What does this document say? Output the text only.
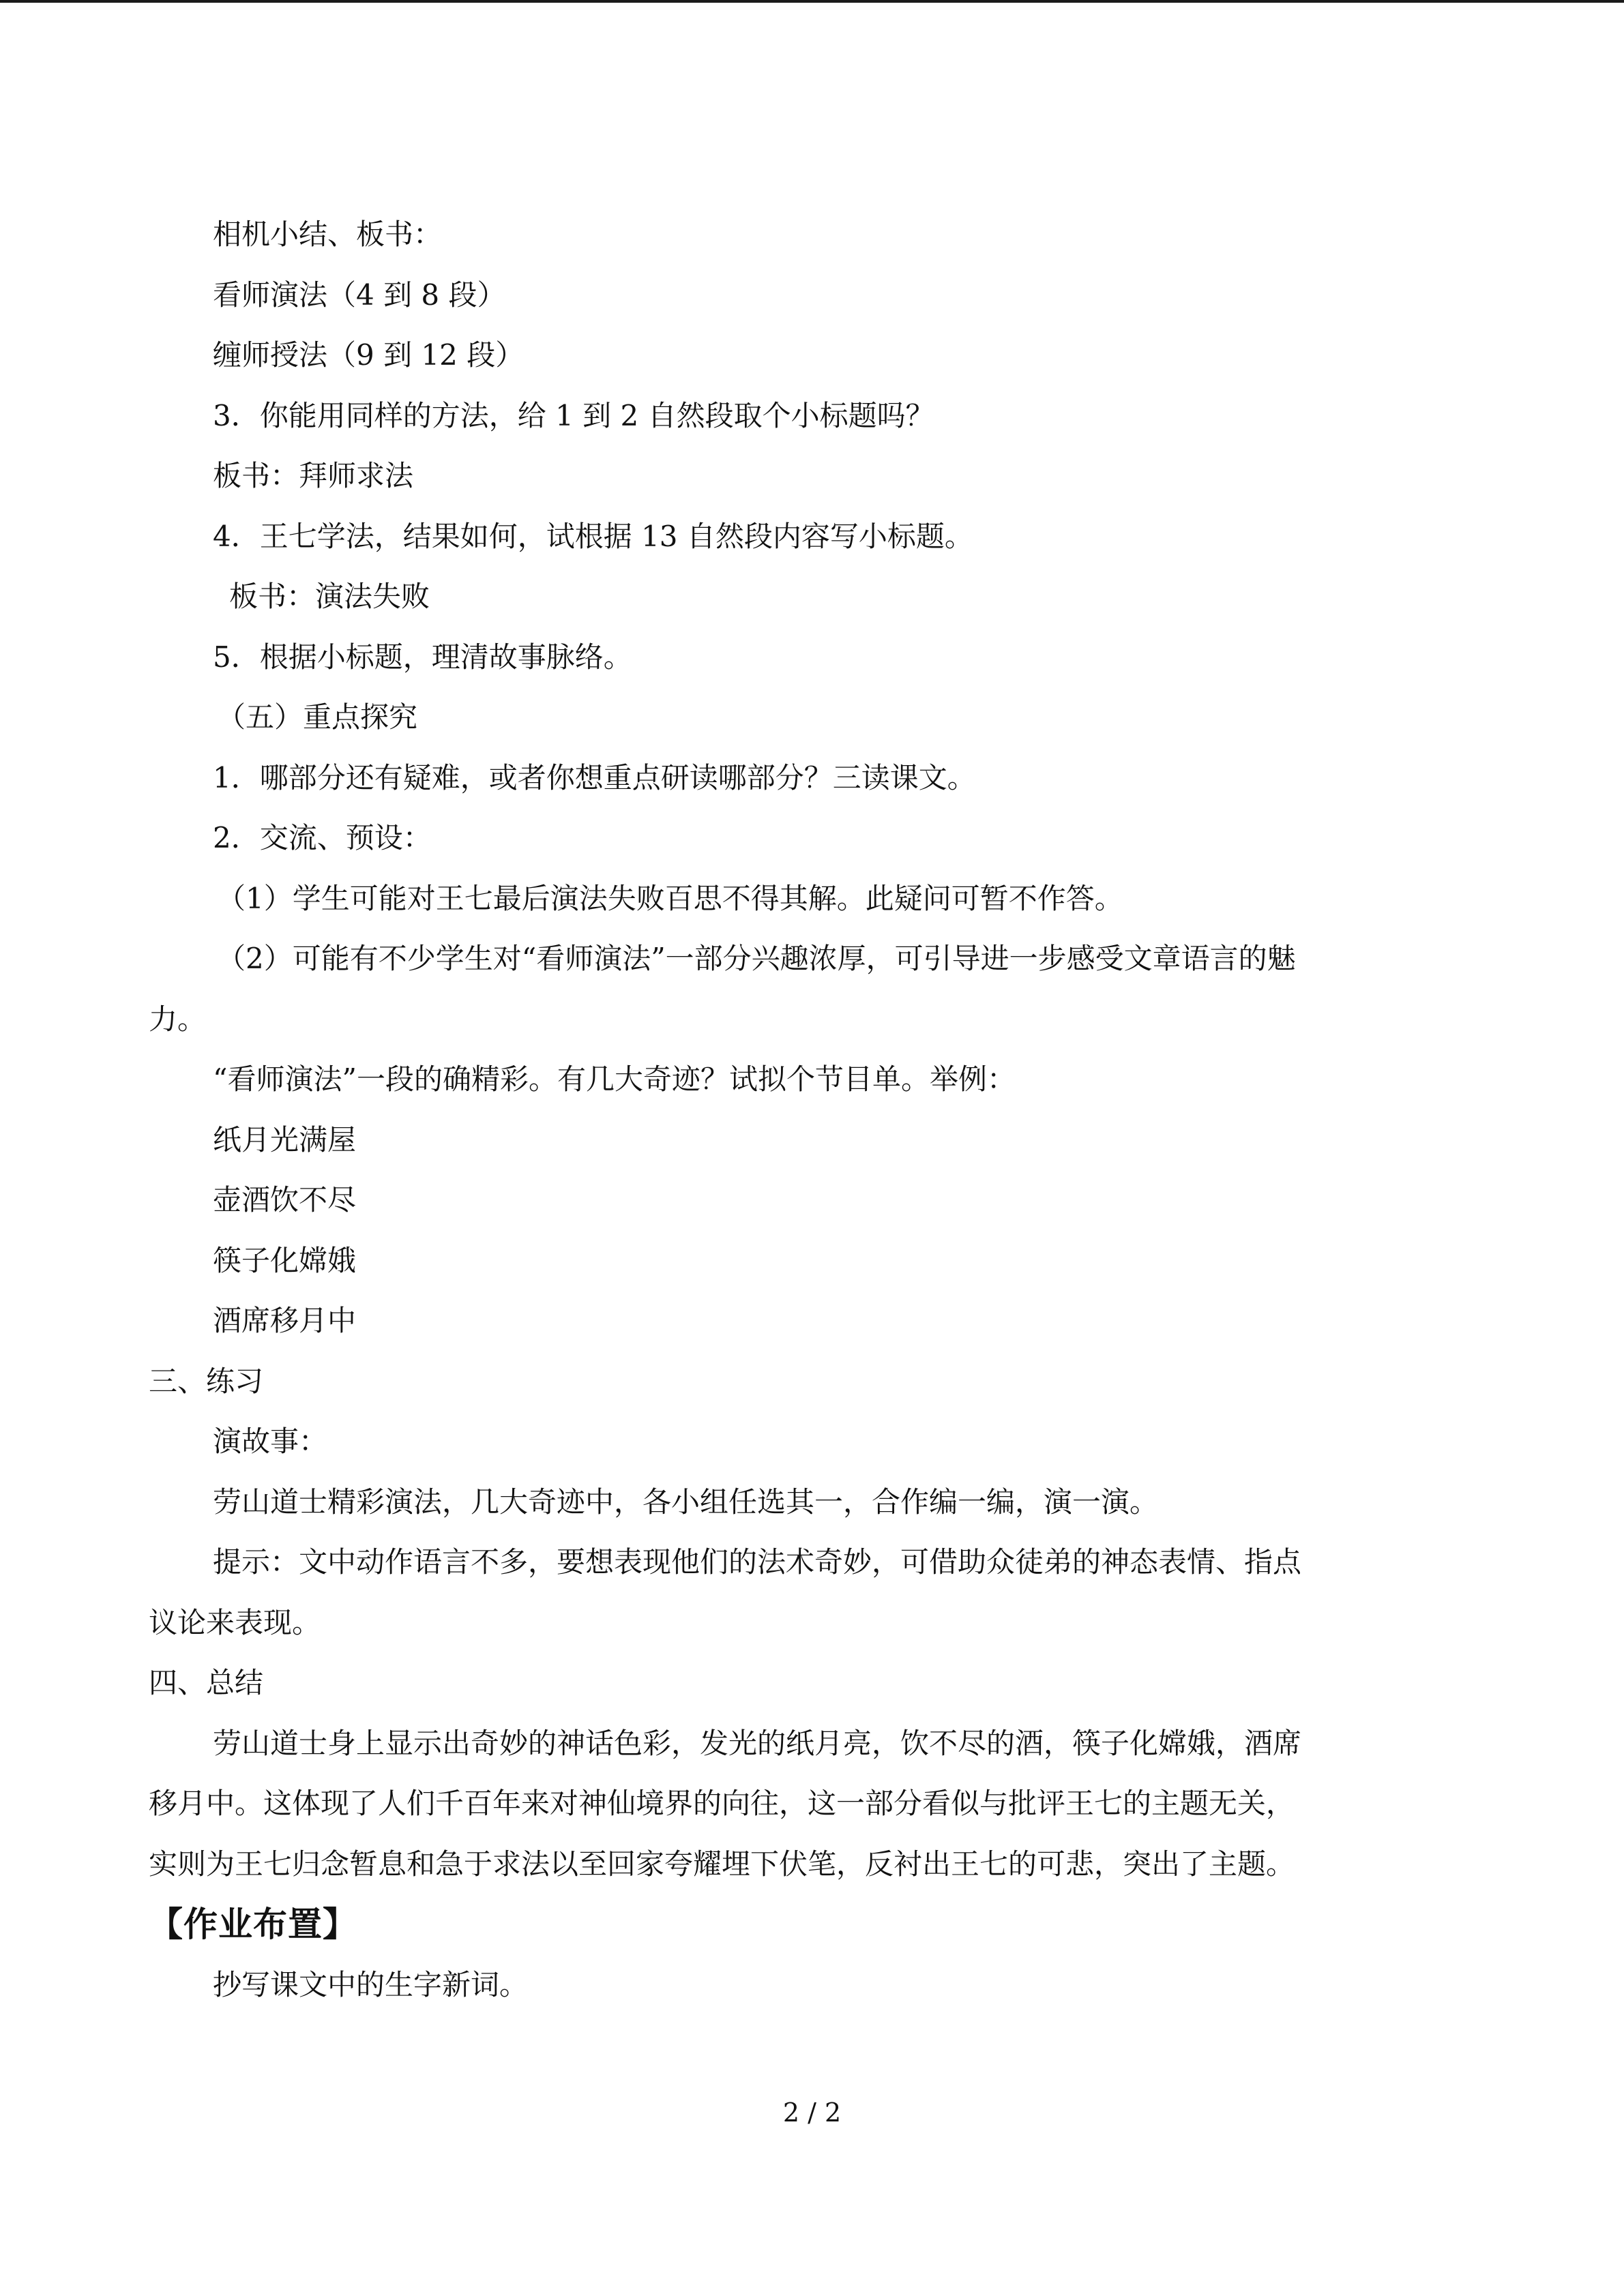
相机小结、板书：

看师演法（4 到 8 段）

缠师授法（9 到 12 段）

3．你能用同样的方法，给 1 到 2 自然段取个小标题吗？

板书：拜师求法

4．王七学法，结果如何，试根据 13 自然段内容写小标题。

板书：演法失败

5．根据小标题，理清故事脉络。

（五）重点探究

1．哪部分还有疑难，或者你想重点研读哪部分？三读课文。

2．交流、预设：

（1）学生可能对王七最后演法失败百思不得其解。此疑问可暂不作答。

（2）可能有不少学生对“看师演法”一部分兴趣浓厚，可引导进一步感受文章语言的魅

力。

“看师演法”一段的确精彩。有几大奇迹？试拟个节目单。举例：

纸月光满屋

壶酒饮不尽

筷子化嫦娥

酒席移月中

三、练习

演故事：

劳山道士精彩演法，几大奇迹中，各小组任选其一，合作编一编，演一演。

提示：文中动作语言不多，要想表现他们的法术奇妙，可借助众徒弟的神态表情、指点

议论来表现。

四、总结

劳山道士身上显示出奇妙的神话色彩，发光的纸月亮，饮不尽的酒，筷子化嫦娥，酒席

移月中。这体现了人们千百年来对神仙境界的向往，这一部分看似与批评王七的主题无关，

实则为王七归念暂息和急于求法以至回家夸耀埋下伏笔，反衬出王七的可悲，突出了主题。

【作业布置】

抄写课文中的生字新词。

2 / 2
